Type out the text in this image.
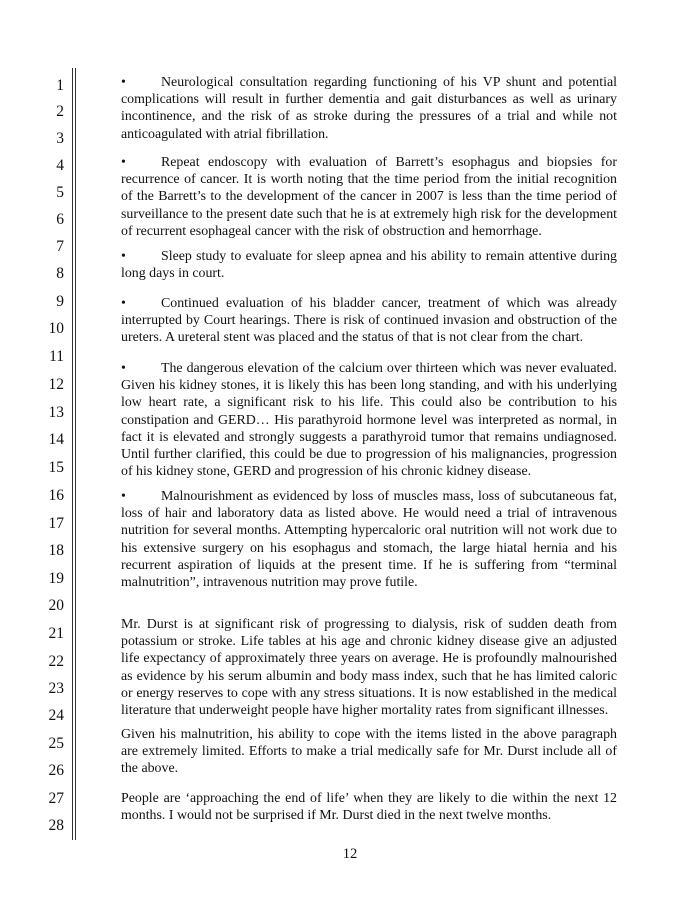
1
2
3
4
5
6
7
8
9
10
11
12
13
14
15
16
17
18
19
20
21
22
23
24
25
26
27
28

•	Neurological consultation regarding functioning of his VP shunt and potential complications will result in further dementia and gait disturbances as well as urinary incontinence, and the risk of as stroke during the pressures of a trial and while not anticoagulated with atrial fibrillation.

•	Repeat endoscopy with evaluation of Barrett’s esophagus and biopsies for recurrence of cancer. It is worth noting that the time period from the initial recognition of the Barrett’s to the development of the cancer in 2007 is less than the time period of surveillance to the present date such that he is at extremely high risk for the development of recurrent esophageal cancer with the risk of obstruction and hemorrhage.

•	Sleep study to evaluate for sleep apnea and his ability to remain attentive during long days in court.

•	Continued evaluation of his bladder cancer, treatment of which was already interrupted by Court hearings. There is risk of continued invasion and obstruction of the ureters. A ureteral stent was placed and the status of that is not clear from the chart.

•	The dangerous elevation of the calcium over thirteen which was never evaluated. Given his kidney stones, it is likely this has been long standing, and with his underlying low heart rate, a significant risk to his life. This could also be contribution to his constipation and GERD… His parathyroid hormone level was interpreted as normal, in fact it is elevated and strongly suggests a parathyroid tumor that remains undiagnosed. Until further clarified, this could be due to progression of his malignancies, progression of his kidney stone, GERD and progression of his chronic kidney disease.

•	Malnourishment as evidenced by loss of muscles mass, loss of subcutaneous fat, loss of hair and laboratory data as listed above. He would need a trial of intravenous nutrition for several months. Attempting hypercaloric oral nutrition will not work due to his extensive surgery on his esophagus and stomach, the large hiatal hernia and his recurrent aspiration of liquids at the present time. If he is suffering from “terminal malnutrition”, intravenous nutrition may prove futile.

Mr. Durst is at significant risk of progressing to dialysis, risk of sudden death from potassium or stroke. Life tables at his age and chronic kidney disease give an adjusted life expectancy of approximately three years on average. He is profoundly malnourished as evidence by his serum albumin and body mass index, such that he has limited caloric or energy reserves to cope with any stress situations. It is now established in the medical literature that underweight people have higher mortality rates from significant illnesses.

Given his malnutrition, his ability to cope with the items listed in the above paragraph are extremely limited. Efforts to make a trial medically safe for Mr. Durst include all of the above.

People are ‘approaching the end of life’ when they are likely to die within the next 12 months. I would not be surprised if Mr. Durst died in the next twelve months.

12
